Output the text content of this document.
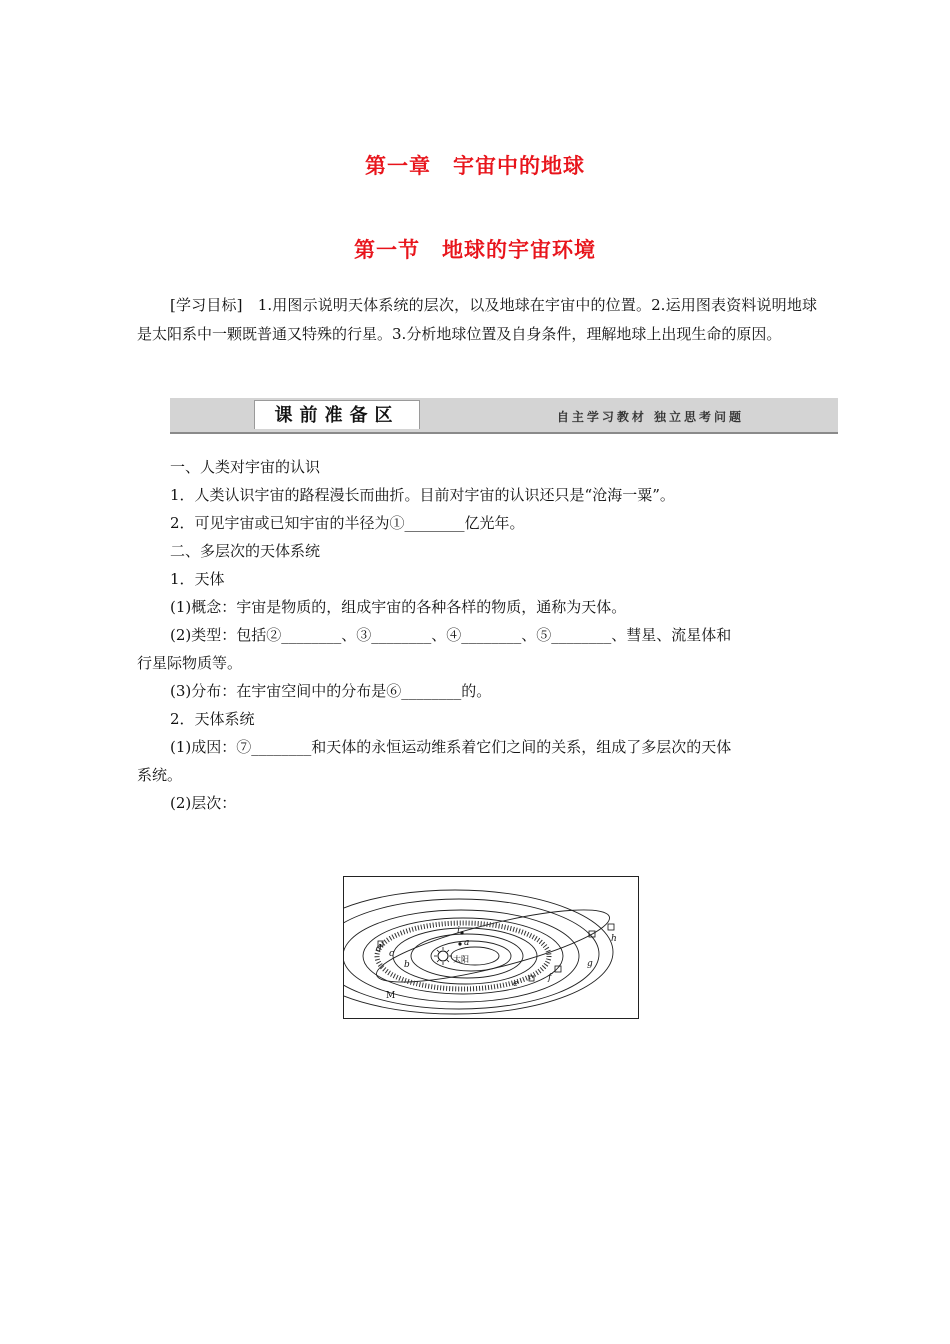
第一章　宇宙中的地球
第一节　地球的宇宙环境
[学习目标]　1.用图示说明天体系统的层次，以及地球在宇宙中的位置。2.运用图表资料说明地球是太阳系中一颗既普通又特殊的行星。3.分析地球位置及自身条件，理解地球上出现生命的原因。
课前准备区	自主学习教材 独立思考问题
一、人类对宇宙的认识
1．人类认识宇宙的路程漫长而曲折。目前对宇宙的认识还只是“沧海一粟”。
2．可见宇宙或已知宇宙的半径为①________亿光年。
二、多层次的天体系统
1．天体
(1)概念：宇宙是物质的，组成宇宙的各种各样的物质，通称为天体。
(2)类型：包括②________、③________、④________、⑤________、彗星、流星体和
行星际物质等。
(3)分布：在宇宙空间中的分布是⑥________的。
2．天体系统
(1)成因：⑦________和天体的永恒运动维系着它们之间的关系，组成了多层次的天体
系统。
(2)层次：
太阳
a
b
c
d
e
f
g
h
i
M
